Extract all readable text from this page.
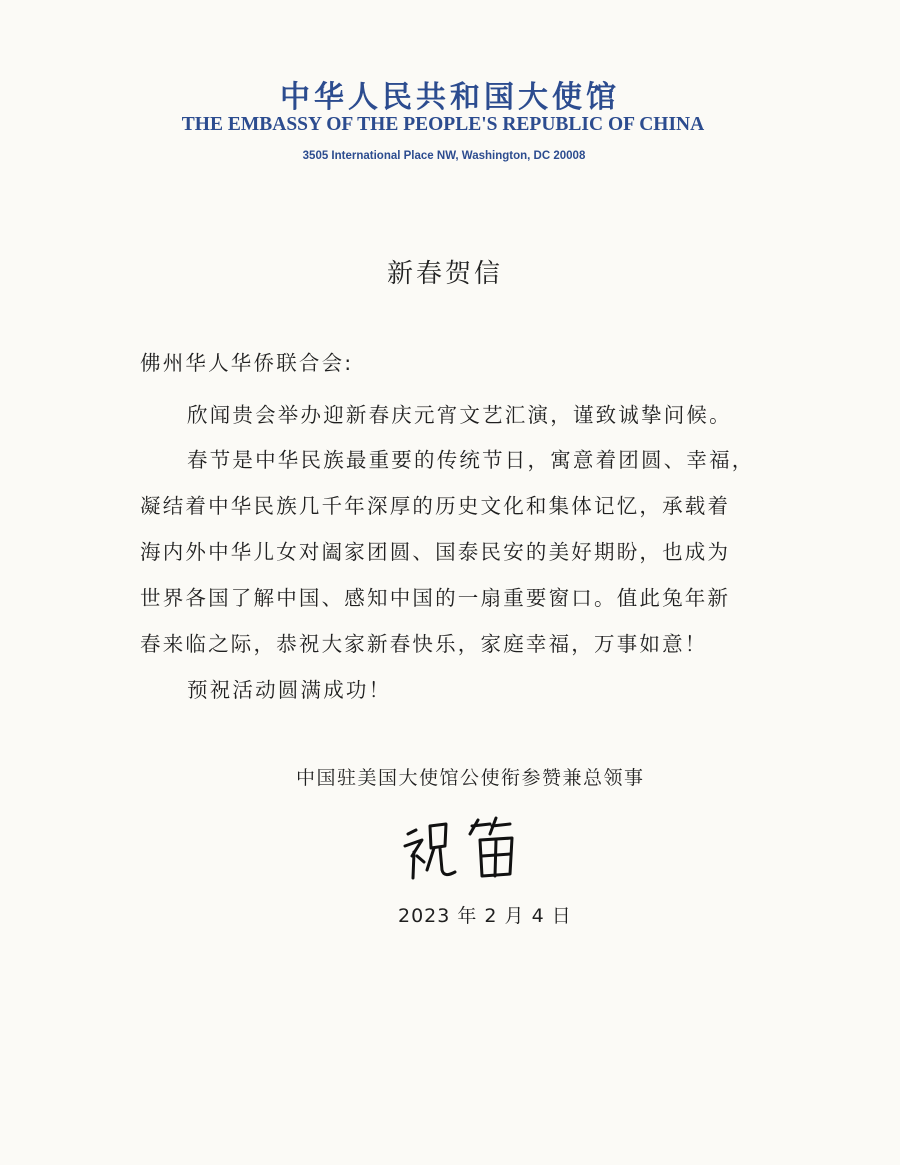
中华人民共和国大使馆
THE EMBASSY OF THE PEOPLE'S REPUBLIC OF CHINA
3505 International Place NW, Washington, DC 20008
新春贺信
佛州华人华侨联合会:
欣闻贵会举办迎新春庆元宵文艺汇演，谨致诚挚问候。
春节是中华民族最重要的传统节日，寓意着团圆、幸福，
凝结着中华民族几千年深厚的历史文化和集体记忆，承载着
海内外中华儿女对阖家团圆、国泰民安的美好期盼，也成为
世界各国了解中国、感知中国的一扇重要窗口。值此兔年新
春来临之际，恭祝大家新春快乐，家庭幸福，万事如意！
预祝活动圆满成功！
中国驻美国大使馆公使衔参赞兼总领事
2023 年 2 月 4 日
